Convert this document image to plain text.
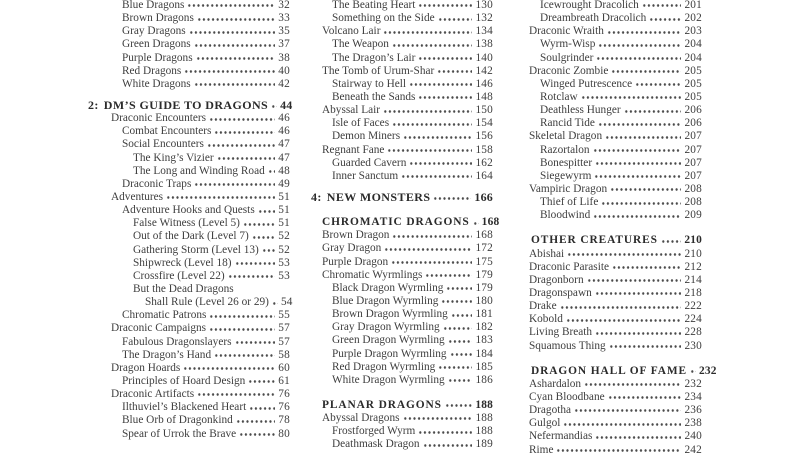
Blue Dragons	32
Brown Dragons	33
Gray Dragons	35
Green Dragons	37
Purple Dragons	38
Red Dragons	40
White Dragons	42
2: DM’S GUIDE TO DRAGONS 44
Draconic Encounters	46
Combat Encounters	46
Social Encounters	47
The King’s Vizier	47
The Long and Winding Road 48
Draconic Traps	49
Adventures	51
Adventure Hooks and Quests 51
False Witness (Level 5)	51
Out of the Dark (Level 7)	52
Gathering Storm (Level 13) 52
Shipwreck (Level 18)	53
Crossfire (Level 22)	53
But the Dead Dragons
Shall Rule (Level 26 or 29) 54
Chromatic Patrons	55
Draconic Campaigns	57
Fabulous Dragonslayers	57
The Dragon’s Hand	58
Dragon Hoards	60
Principles of Hoard Design	61
Draconic Artifacts	76
Ilthuviel’s Blackened Heart	76
Blue Orb of Dragonkind	78
Spear of Urrok the Brave	80
The Beating Heart	130
Something on the Side	132
Volcano Lair	134
The Weapon	138
The Dragon’s Lair	140
The Tomb of Urum-Shar	142
Stairway to Hell	146
Beneath the Sands	148
Abyssal Lair	150
Isle of Faces	154
Demon Miners	156
Regnant Fane	158
Guarded Cavern	162
Inner Sanctum	164
4: NEW MONSTERS	166
CHROMATIC DRAGONS 168
Brown Dragon	168
Gray Dragon	172
Purple Dragon	175
Chromatic Wyrmlings	179
Black Dragon Wyrmling	179
Blue Dragon Wyrmling	180
Brown Dragon Wyrmling 181
Gray Dragon Wyrmling	182
Green Dragon Wyrmling	183
Purple Dragon Wyrmling	184
Red Dragon Wyrmling	185
White Dragon Wyrmling	186
PLANAR DRAGONS	188
Abyssal Dragons	188
Frostforged Wyrm	188
Deathmask Dragon	189
Icewrought Dracolich	201
Dreambreath Dracolich	202
Draconic Wraith	203
Wyrm-Wisp	204
Soulgrinder	204
Draconic Zombie	205
Winged Putrescence	205
Rotclaw	205
Deathless Hunger	206
Rancid Tide	206
Skeletal Dragon	207
Razortalon	207
Bonespitter	207
Siegewyrm	207
Vampiric Dragon	208
Thief of Life	208
Bloodwind	209
OTHER CREATURES 210
Abishai	210
Draconic Parasite	212
Dragonborn	214
Dragonspawn	218
Drake	222
Kobold	224
Living Breath	228
Squamous Thing	230
DRAGON HALL OF FAME 232
Ashardalon	232
Cyan Bloodbane	234
Dragotha	236
Gulgol	238
Nefermandias	240
Rime	242
